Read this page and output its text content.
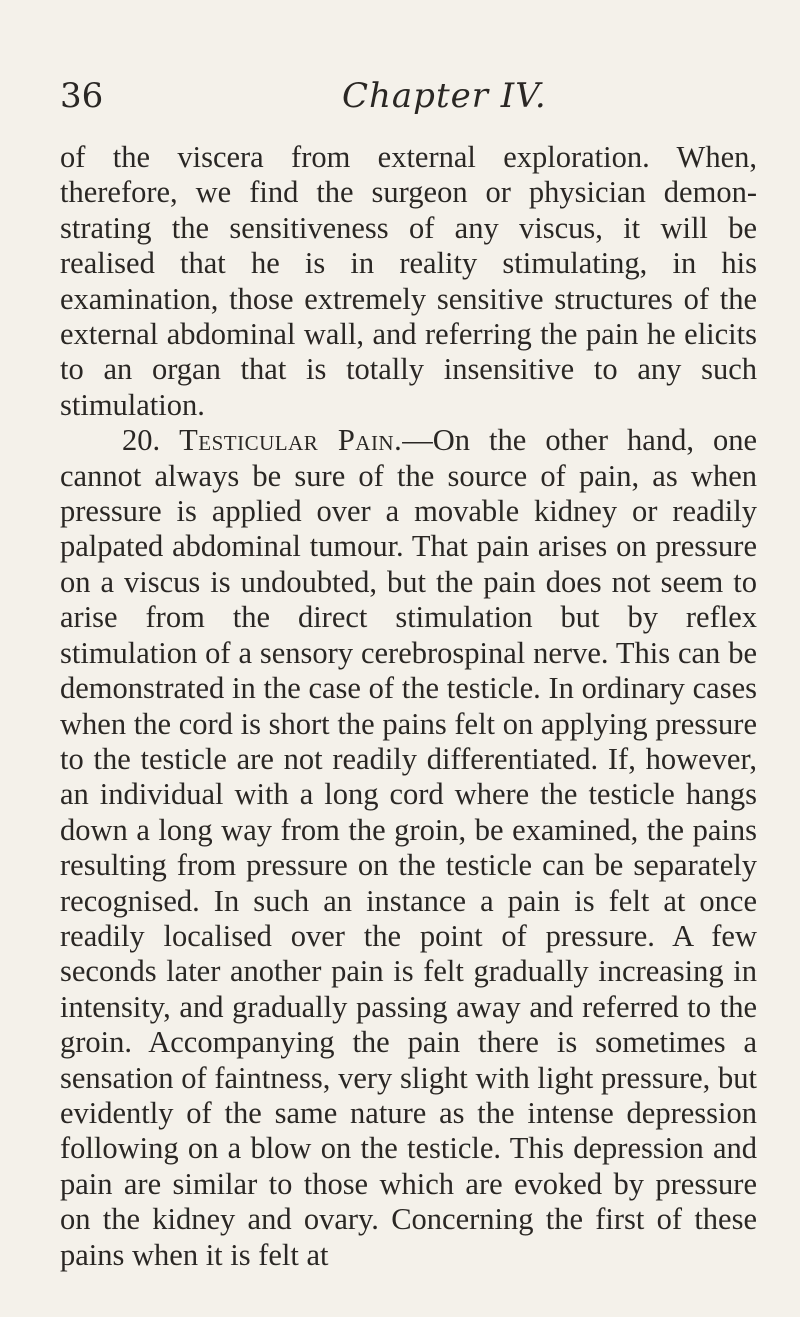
36	Chapter IV.

of the viscera from external exploration. When, therefore, we find the surgeon or physician demonstrating the sensitiveness of any viscus, it will be realised that he is in reality stimulating, in his examination, those extremely sensitive structures of the external abdominal wall, and referring the pain he elicits to an organ that is totally insensitive to any such stimulation.

20. Testicular Pain.—On the other hand, one cannot always be sure of the source of pain, as when pressure is applied over a movable kidney or readily palpated abdominal tumour. That pain arises on pressure on a viscus is undoubted, but the pain does not seem to arise from the direct stimulation but by reflex stimulation of a sensory cerebrospinal nerve. This can be demonstrated in the case of the testicle. In ordinary cases when the cord is short the pains felt on applying pressure to the testicle are not readily differentiated. If, however, an individual with a long cord where the testicle hangs down a long way from the groin, be examined, the pains resulting from pressure on the testicle can be separately recognised. In such an instance a pain is felt at once readily localised over the point of pressure. A few seconds later another pain is felt gradually increasing in intensity, and gradually passing away and referred to the groin. Accompanying the pain there is sometimes a sensation of faintness, very slight with light pressure, but evidently of the same nature as the intense depression following on a blow on the testicle. This depression and pain are similar to those which are evoked by pressure on the kidney and ovary. Concerning the first of these pains when it is felt at
